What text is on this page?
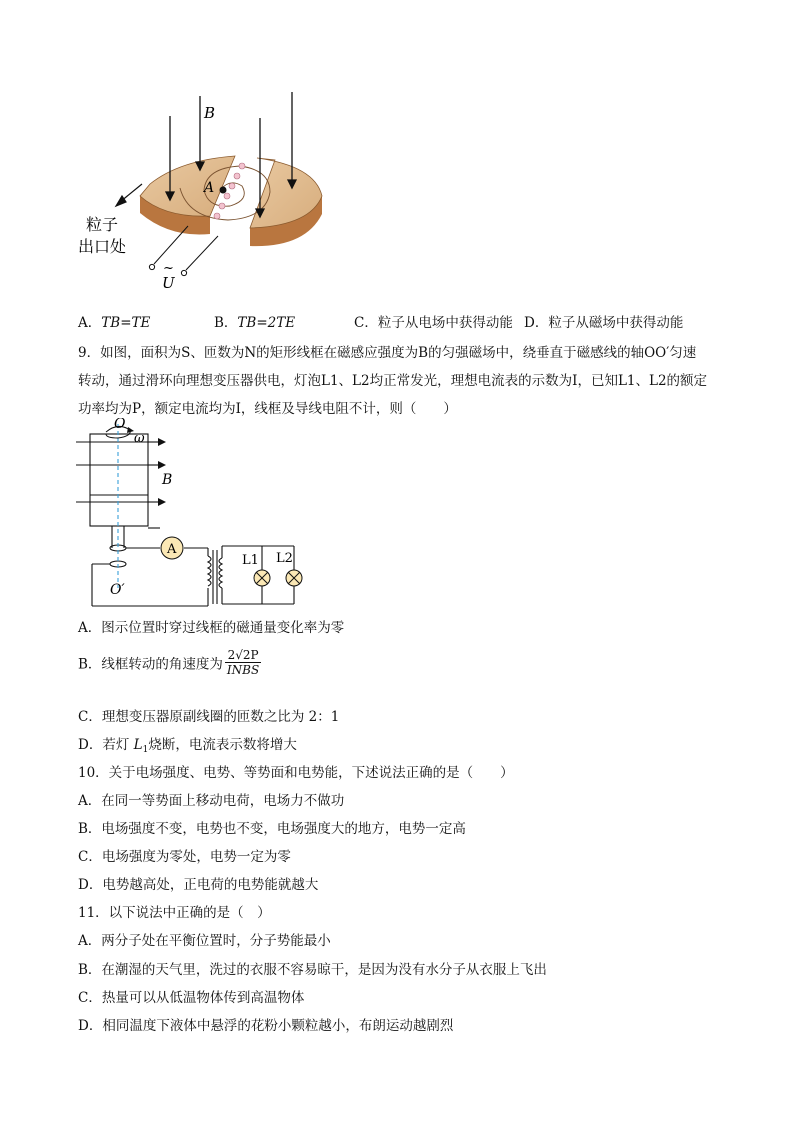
B
A
粒子
出口处
U
~
A．TB=TE	B．TB=2TE	C．粒子从电场中获得动能 D．粒子从磁场中获得动能
9．如图，面积为S、匝数为N的矩形线框在磁感应强度为B的匀强磁场中，绕垂直于磁感线的轴OO′匀速
转动，通过滑环向理想变压器供电，灯泡L1、L2均正常发光，理想电流表的示数为I，已知L1、L2的额定
功率均为P，额定电流均为I，线框及导线电阻不计，则（　　）
A
O
ω
B
L1 L2
O′
A．图示位置时穿过线框的磁通量变化率为零
B．线框转动的角速度为 $\frac{2√2P}{\text{INBS}}$
C．理想变压器原副线圈的匝数之比为 2：1
D．若灯 $L_1$烧断，电流表示数将增大
10．关于电场强度、电势、等势面和电势能，下述说法正确的是（　　）
A．在同一等势面上移动电荷，电场力不做功
B．电场强度不变，电势也不变，电场强度大的地方，电势一定高
C．电场强度为零处，电势一定为零
D．电势越高处，正电荷的电势能就越大
11．以下说法中正确的是（　）
A．两分子处在平衡位置时，分子势能最小
B．在潮湿的天气里，洗过的衣服不容易晾干，是因为没有水分子从衣服上飞出
C．热量可以从低温物体传到高温物体
D．相同温度下液体中悬浮的花粉小颗粒越小，布朗运动越剧烈
